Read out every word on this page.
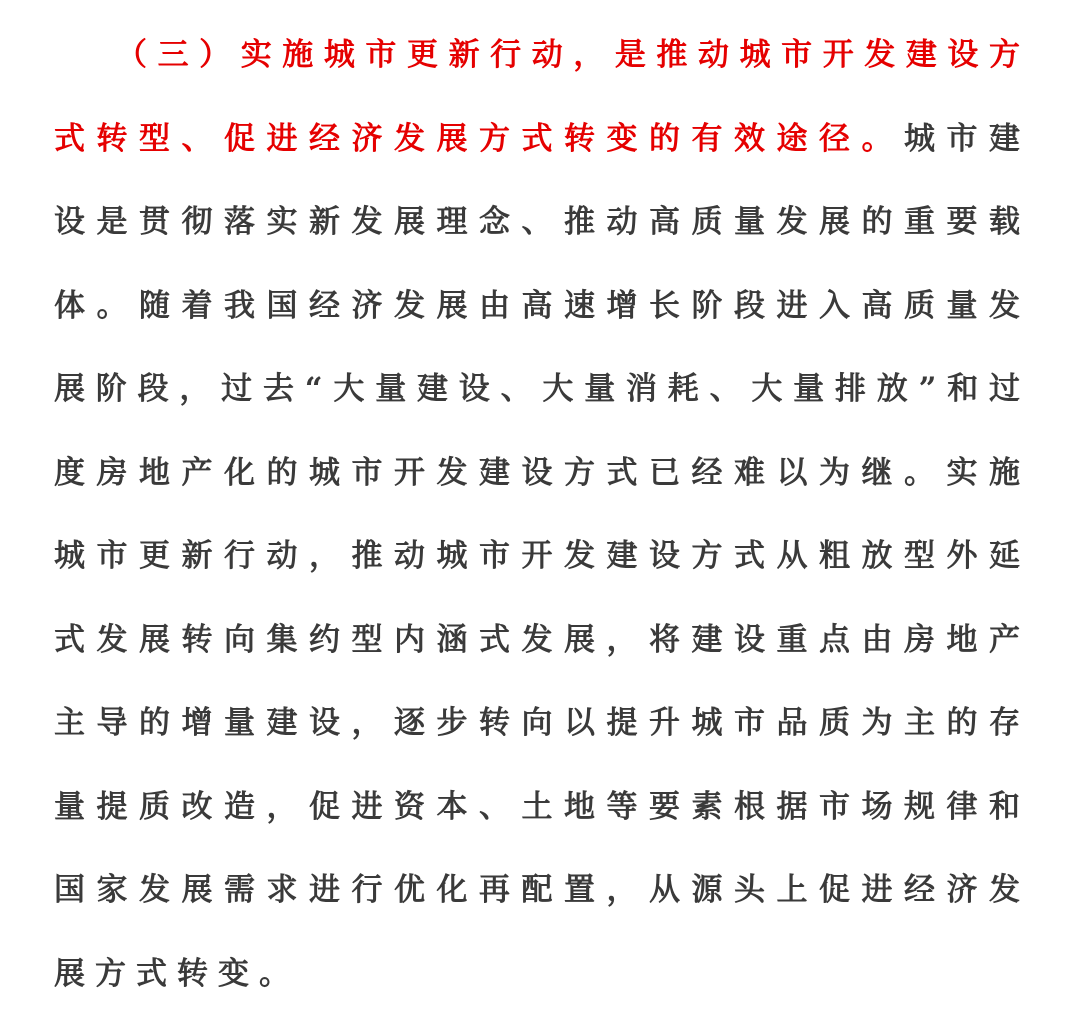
（三）实施城市更新行动，是推动城市开发建设方式转型、促进经济发展方式转变的有效途径。城市建设是贯彻落实新发展理念、推动高质量发展的重要载体。随着我国经济发展由高速增长阶段进入高质量发展阶段，过去“大量建设、大量消耗、大量排放”和过度房地产化的城市开发建设方式已经难以为继。实施城市更新行动，推动城市开发建设方式从粗放型外延式发展转向集约型内涵式发展，将建设重点由房地产主导的增量建设，逐步转向以提升城市品质为主的存量提质改造，促进资本、土地等要素根据市场规律和国家发展需求进行优化再配置，从源头上促进经济发展方式转变。
